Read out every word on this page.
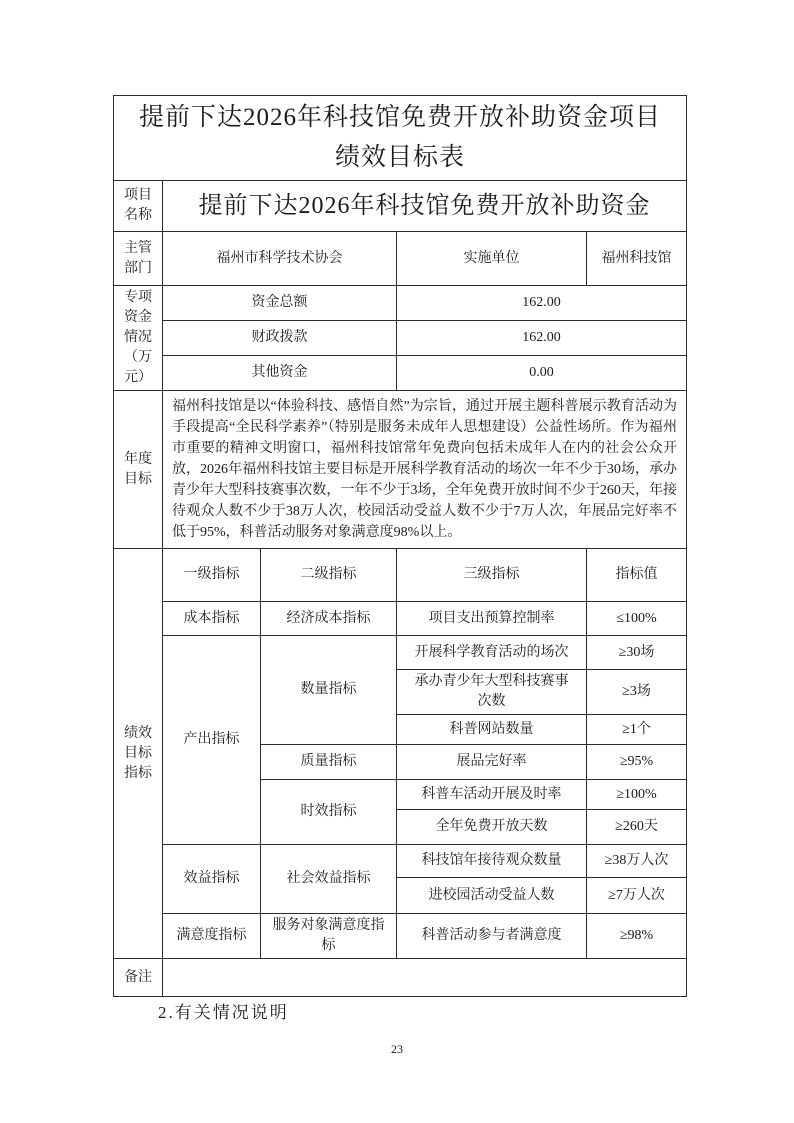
提前下达2026年科技馆免费开放补助资金项目
绩效目标表				

项目名称	提前下达2026年科技馆免费开放补助资金			
主管部门	福州市科学技术协会		实施单位	福州科技馆
专项资金情况（万元）	资金总额		162.00	
	财政拨款		162.00	
	其他资金		0.00	
年度目标	福州科技馆是以“体验科技、感悟自然”为宗旨，通过开展主题科普展示教育活动为手段提高“全民科学素养”（特别是服务未成年人思想建设）公益性场所。作为福州市重要的精神文明窗口，福州科技馆常年免费向包括未成年人在内的社会公众开放，2026年福州科技馆主要目标是开展科学教育活动的场次一年不少于30场，承办青少年大型科技赛事次数，一年不少于3场，全年免费开放时间不少于260天，年接待观众人数不少于38万人次，校园活动受益人数不少于7万人次，年展品完好率不低于95%，科普活动服务对象满意度98%以上。			
绩效目标指标	一级指标	二级指标	三级指标	指标值
	成本指标	经济成本指标	项目支出预算控制率	≤100%
	产出指标	数量指标	开展科学教育活动的场次	≥30场
			承办青少年大型科技赛事次数	≥3场
			科普网站数量	≥1个
		质量指标	展品完好率	≥95%
		时效指标	科普车活动开展及时率	≥100%
			全年免费开放天数	≥260天
	效益指标	社会效益指标	科技馆年接待观众数量	≥38万人次
			进校园活动受益人数	≥7万人次
	满意度指标	服务对象满意度指标	科普活动参与者满意度	≥98%
备注				
2.有关情况说明
23
